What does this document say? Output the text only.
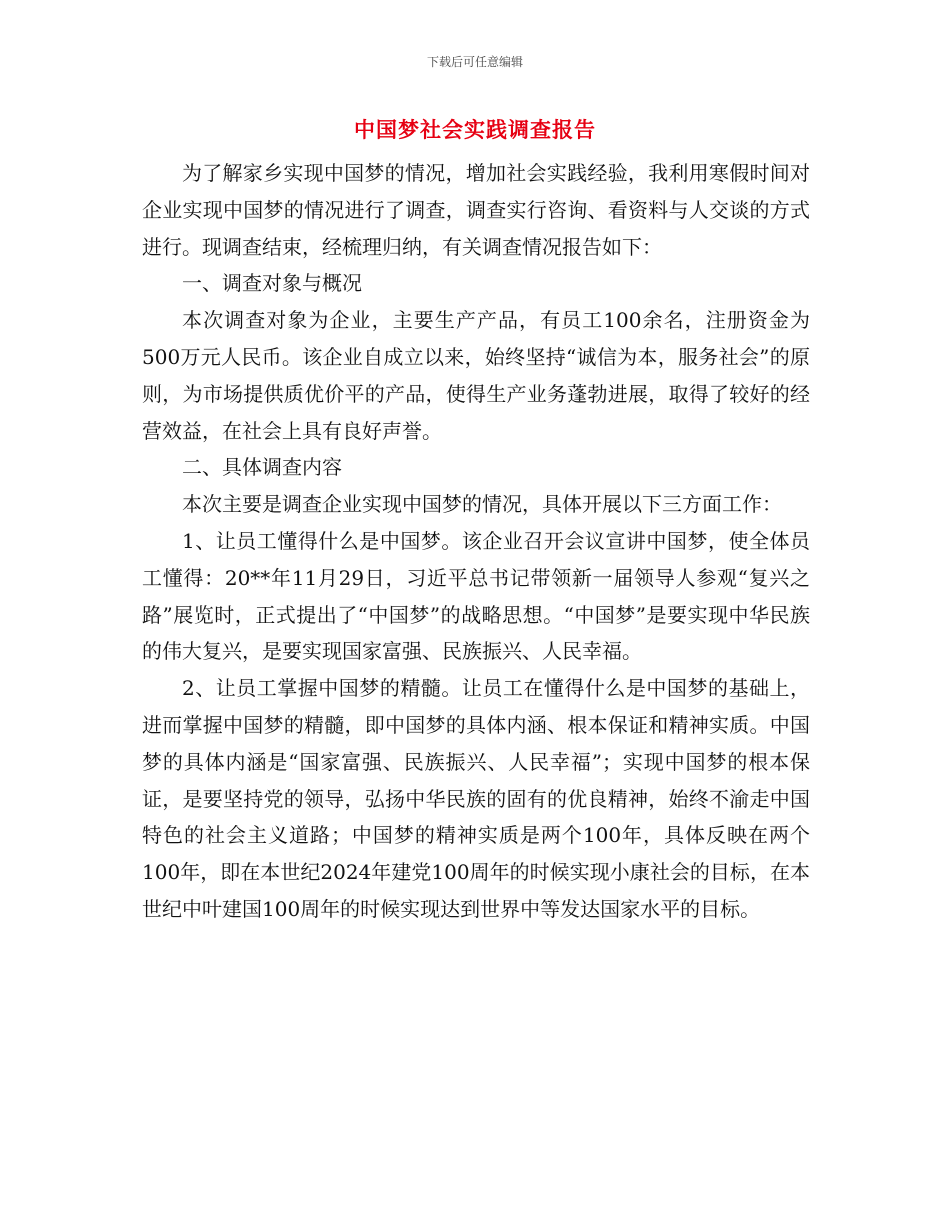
下载后可任意编辑
中国梦社会实践调查报告

为了解家乡实现中国梦的情况，增加社会实践经验，我利用寒假时间对企业实现中国梦的情况进行了调查，调查实行咨询、看资料与人交谈的方式进行。现调查结束，经梳理归纳，有关调查情况报告如下：

一、调查对象与概况

本次调查对象为企业，主要生产产品，有员工100余名，注册资金为500万元人民币。该企业自成立以来，始终坚持“诚信为本，服务社会”的原则，为市场提供质优价平的产品，使得生产业务蓬勃进展，取得了较好的经营效益，在社会上具有良好声誉。

二、具体调查内容

本次主要是调查企业实现中国梦的情况，具体开展以下三方面工作：

1、让员工懂得什么是中国梦。该企业召开会议宣讲中国梦，使全体员工懂得：20**年11月29日，习近平总书记带领新一届领导人参观“复兴之路”展览时，正式提出了“中国梦”的战略思想。“中国梦”是要实现中华民族的伟大复兴，是要实现国家富强、民族振兴、人民幸福。

2、让员工掌握中国梦的精髓。让员工在懂得什么是中国梦的基础上，进而掌握中国梦的精髓，即中国梦的具体内涵、根本保证和精神实质。中国梦的具体内涵是“国家富强、民族振兴、人民幸福”；实现中国梦的根本保证，是要坚持党的领导，弘扬中华民族的固有的优良精神，始终不渝走中国特色的社会主义道路；中国梦的精神实质是两个100年，具体反映在两个100年，即在本世纪2024年建党100周年的时候实现小康社会的目标，在本世纪中叶建国100周年的时候实现达到世界中等发达国家水平的目标。
